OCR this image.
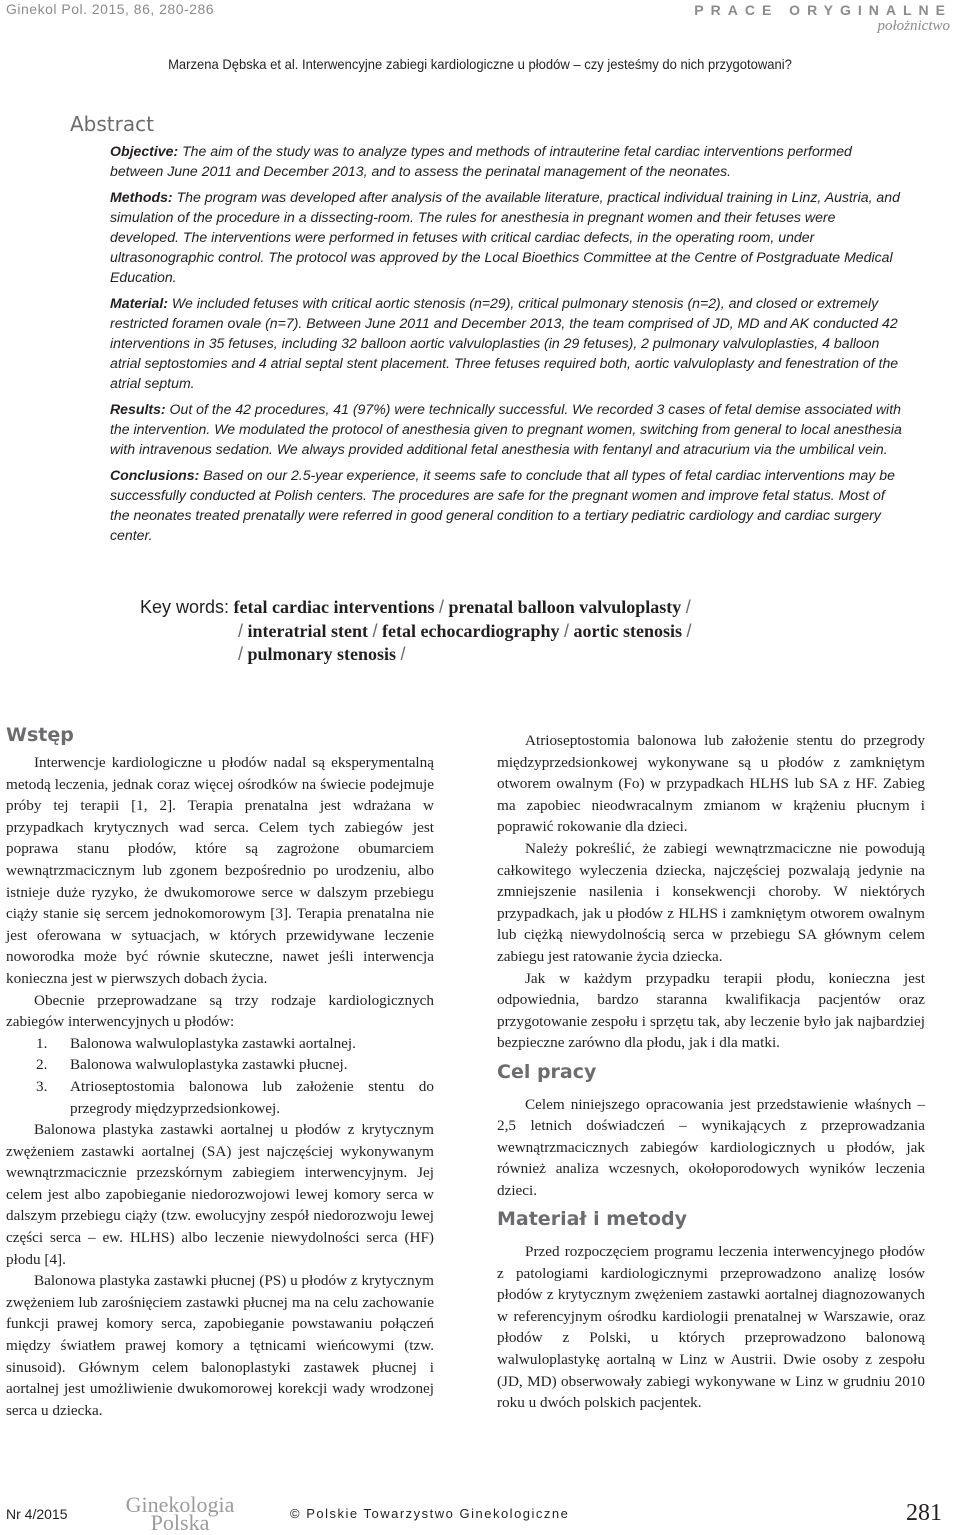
Ginekol Pol. 2015, 86, 280-286	PRACE ORYGINALNE
położnictwo
Marzena Dębska et al. Interwencyjne zabiegi kardiologiczne u płodów – czy jesteśmy do nich przygotowani?
Abstract

Objective: The aim of the study was to analyze types and methods of intrauterine fetal cardiac interventions performed between June 2011 and December 2013, and to assess the perinatal management of the neonates.

Methods: The program was developed after analysis of the available literature, practical individual training in Linz, Austria, and simulation of the procedure in a dissecting-room. The rules for anesthesia in pregnant women and their fetuses were developed. The interventions were performed in fetuses with critical cardiac defects, in the operating room, under ultrasonographic control. The protocol was approved by the Local Bioethics Committee at the Centre of Postgraduate Medical Education.

Material: We included fetuses with critical aortic stenosis (n=29), critical pulmonary stenosis (n=2), and closed or extremely restricted foramen ovale (n=7). Between June 2011 and December 2013, the team comprised of JD, MD and AK conducted 42 interventions in 35 fetuses, including 32 balloon aortic valvuloplasties (in 29 fetuses), 2 pulmonary valvuloplasties, 4 balloon atrial septostomies and 4 atrial septal stent placement. Three fetuses required both, aortic valvuloplasty and fenestration of the atrial septum.

Results: Out of the 42 procedures, 41 (97%) were technically successful. We recorded 3 cases of fetal demise associated with the intervention. We modulated the protocol of anesthesia given to pregnant women, switching from general to local anesthesia with intravenous sedation. We always provided additional fetal anesthesia with fentanyl and atracurium via the umbilical vein.

Conclusions: Based on our 2.5-year experience, it seems safe to conclude that all types of fetal cardiac interventions may be successfully conducted at Polish centers. The procedures are safe for the pregnant women and improve fetal status. Most of the neonates treated prenatally were referred in good general condition to a tertiary pediatric cardiology and cardiac surgery center.

Key words: fetal cardiac interventions / prenatal balloon valvuloplasty /
/ interatrial stent / fetal echocardiography / aortic stenosis /
/ pulmonary stenosis /
Wstęp

Interwencje kardiologiczne u płodów nadal są eksperymentalną metodą leczenia, jednak coraz więcej ośrodków na świecie podejmuje próby tej terapii [1, 2]. Terapia prenatalna jest wdrażana w przypadkach krytycznych wad serca. Celem tych zabiegów jest poprawa stanu płodów, które są zagrożone obumarciem wewnątrzmacicznym lub zgonem bezpośrednio po urodzeniu, albo istnieje duże ryzyko, że dwukomorowe serce w dalszym przebiegu ciąży stanie się sercem jednokomorowym [3]. Terapia prenatalna nie jest oferowana w sytuacjach, w których przewidywane leczenie noworodka może być równie skuteczne, nawet jeśli interwencja konieczna jest w pierwszych dobach życia.

Obecnie przeprowadzane są trzy rodzaje kardiologicznych zabiegów interwencyjnych u płodów:

1. Balonowa walwuloplastyka zastawki aortalnej.
2. Balonowa walwuloplastyka zastawki płucnej.
3. Atrioseptostomia balonowa lub założenie stentu do przegrody międzyprzedsionkowej.

Balonowa plastyka zastawki aortalnej u płodów z krytycznym zwężeniem zastawki aortalnej (SA) jest najczęściej wykonywanym wewnątrzmacicznie przezskórnym zabiegiem interwencyjnym. Jej celem jest albo zapobieganie niedorozwojowi lewej komory serca w dalszym przebiegu ciąży (tzw. ewolucyjny zespół niedorozwoju lewej części serca – ew. HLHS) albo leczenie niewydolności serca (HF) płodu [4].

Balonowa plastyka zastawki płucnej (PS) u płodów z krytycznym zwężeniem lub zarośnięciem zastawki płucnej ma na celu zachowanie funkcji prawej komory serca, zapobieganie powstawaniu połączeń między światłem prawej komory a tętnicami wieńcowymi (tzw. sinusoid). Głównym celem balonoplastyki zastawek płucnej i aortalnej jest umożliwienie dwukomorowej korekcji wady wrodzonej serca u dziecka.

Atrioseptostomia balonowa lub założenie stentu do przegrody międzyprzedsionkowej wykonywane są u płodów z zamkniętym otworem owalnym (Fo) w przypadkach HLHS lub SA z HF. Zabieg ma zapobiec nieodwracalnym zmianom w krążeniu płucnym i poprawić rokowanie dla dzieci.

Należy pokreślić, że zabiegi wewnątrzmaciczne nie powodują całkowitego wyleczenia dziecka, najczęściej pozwalają jedynie na zmniejszenie nasilenia i konsekwencji choroby. W niektórych przypadkach, jak u płodów z HLHS i zamkniętym otworem owalnym lub ciężką niewydolnością serca w przebiegu SA głównym celem zabiegu jest ratowanie życia dziecka.

Jak w każdym przypadku terapii płodu, konieczna jest odpowiednia, bardzo staranna kwalifikacja pacjentów oraz przygotowanie zespołu i sprzętu tak, aby leczenie było jak najbardziej bezpieczne zarówno dla płodu, jak i dla matki.

Cel pracy

Celem niniejszego opracowania jest przedstawienie właśnych – 2,5 letnich doświadczeń – wynikających z przeprowadzania wewnątrzmacicznych zabiegów kardiologicznych u płodów, jak również analiza wczesnych, okołoporodowych wyników leczenia dzieci.

Materiał i metody

Przed rozpoczęciem programu leczenia interwencyjnego płodów z patologiami kardiologicznymi przeprowadzono analizę losów płodów z krytycznym zwężeniem zastawki aortalnej diagnozowanych w referencyjnym ośrodku kardiologii prenatalnej w Warszawie, oraz płodów z Polski, u których przeprowadzono balonową walwuloplastykę aortalną w Linz w Austrii. Dwie osoby z zespołu (JD, MD) obserwowały zabiegi wykonywane w Linz w grudniu 2010 roku u dwóch polskich pacjentek.

Nr 4/2015	Ginekologia
Polska	© Polskie Towarzystwo Ginekologiczne	281
